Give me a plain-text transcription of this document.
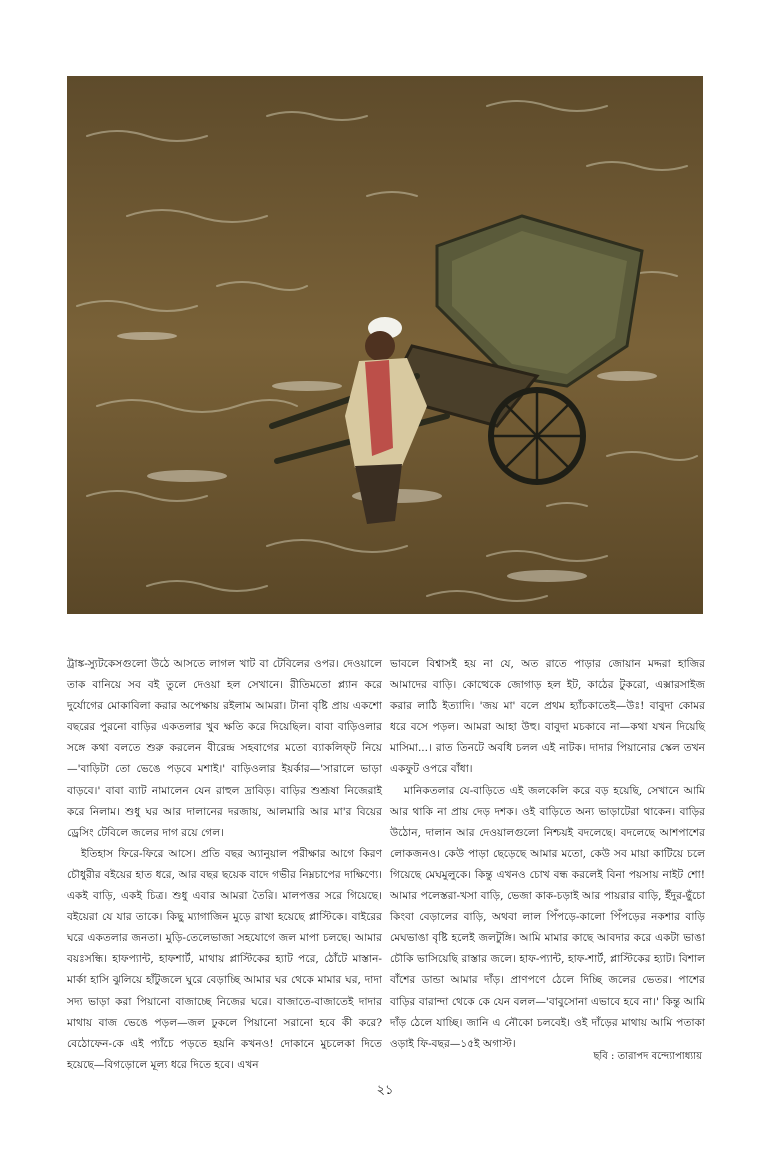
ট্রাঙ্ক-স্যুটকেসগুলো উঠে আসতে লাগল খাট বা টেবিলের ওপর। দেওয়ালে তাক বানিয়ে সব বই তুলে দেওয়া হল সেখানে। রীতিমতো প্ল্যান করে দুর্যোগের মোকাবিলা করার অপেক্ষায় রইলাম আমরা। টানা বৃষ্টি প্রায় একশো বছরের পুরনো বাড়ির একতলার খুব ক্ষতি করে দিয়েছিল। বাবা বাড়িওলার সঙ্গে কথা বলতে শুরু করলেন বীরেন্দ্র সহবাগের মতো ব্যাকলিফ্‌ট নিয়ে—'বাড়িটা তো ভেঙে পড়বে মশাই।' বাড়িওলার ইয়র্কার—'সারালে ভাড়া বাড়বে।' বাবা ব্যাট নামালেন যেন রাহুল দ্রাবিড়। বাড়ির শুশ্রূষা নিজেরাই করে নিলাম। শুধু ঘর আর দালানের দরজায়, আলমারি আর মা'র বিয়ের ড্রেসিং টেবিলে জলের দাগ রয়ে গেল।

ইতিহাস ফিরে-ফিরে আসে। প্রতি বছর অ্যানুয়াল পরীক্ষার আগে কিরণ চৌধুরীর বইয়ের হাত ধরে, আর বছর ছয়েক বাদে গভীর নিম্নচাপের দাক্ষিণ্যে। একই বাড়ি, একই চিত্র। শুধু এবার আমরা তৈরি। মালপত্তর সরে গিয়েছে। বইয়েরা যে যার তাকে। কিছু ম্যাগাজিন মুড়ে রাখা হয়েছে প্লাস্টিকে। বাইরের ঘরে একতলার জনতা। মুড়ি-তেলেভাজা সহযোগে জল মাপা চলছে। আমার বয়ঃসন্ধি। হাফপ্যান্ট, হাফশার্ট, মাথায় প্লাস্টিকের হ্যাট পরে, ঠোঁটে মাস্তান-মার্কা হাসি ঝুলিয়ে হাঁটুজলে ঘুরে বেড়াচ্ছি আমার ঘর থেকে মামার ঘর, দাদা সদ্য ভাড়া করা পিয়ানো বাজাচ্ছে নিজের ঘরে। বাজাতে-বাজাতেই দাদার মাথায় বাজ ভেঙে পড়ল—জল ঢুকলে পিয়ানো সরানো হবে কী করে? বেঠোফেন-কে এই প্যাঁচে পড়তে হয়নি কখনও! দোকানে মুচলেকা দিতে হয়েছে—বিগড়োলে মূল্য ধরে দিতে হবে। এখন

ভাবলে বিশ্বাসই হয় না যে, অত রাতে পাড়ার জোয়ান মদ্দরা হাজির আমাদের বাড়ি। কোত্থেকে জোগাড় হল ইট, কাঠের টুকরো, এক্সারসাইজ করার লাঠি ইত্যাদি। 'জয় মা' বলে প্রথম হ্যাঁচকাতেই—উঃ! বাবুদা কোমর ধরে বসে পড়ল। আমরা আহা উহু। বাবুদা মচকাবে না—কথা যখন দিয়েছি মাসিমা...। রাত তিনটে অবধি চলল এই নাটক। দাদার পিয়ানোর স্কেল তখন একফুট ওপরে বাঁধা।

মানিকতলার যে-বাড়িতে এই জলকেলি করে বড় হয়েছি, সেখানে আমি আর থাকি না প্রায় দেড় দশক। ওই বাড়িতে অন্য ভাড়াটেরা থাকেন। বাড়ির উঠোন, দালান আর দেওয়ালগুলো নিশ্চয়ই বদলেছে। বদলেছে আশপাশের লোকজনও। কেউ পাড়া ছেড়েছে আমার মতো, কেউ সব মায়া কাটিয়ে চলে গিয়েছে মেঘমুলুকে। কিন্তু এখনও চোখ বন্ধ করলেই বিনা পয়সায় নাইট শো! আমার পলেস্তরা-খসা বাড়ি, ভেজা কাক-চড়াই আর পায়রার বাড়ি, ইঁদুর-ছুঁচো কিংবা বেড়ালের বাড়ি, অথবা লাল পিঁপড়ে-কালো পিঁপড়ের নকশার বাড়ি মেঘভাঙা বৃষ্টি হলেই জলটুঙ্গি। আমি মামার কাছে আবদার করে একটা ভাঙা চৌকি ভাসিয়েছি রাস্তার জলে। হাফ-প্যান্ট, হাফ-শার্ট, প্লাস্টিকের হ্যাট। বিশাল বাঁশের ডান্ডা আমার দাঁড়। প্রাণপণে ঠেলে দিচ্ছি জলের ভেতর। পাশের বাড়ির বারান্দা থেকে কে যেন বলল—'বাবুসোনা এভাবে হবে না।' কিন্তু আমি দাঁড় ঠেলে যাচ্ছি। জানি এ নৌকো চলবেই। ওই দাঁড়ের মাথায় আমি পতাকা ওড়াই ফি-বছর—১৫ই অগাস্ট।

ছবি : তারাপদ বন্দ্যোপাধ্যায়
২১
